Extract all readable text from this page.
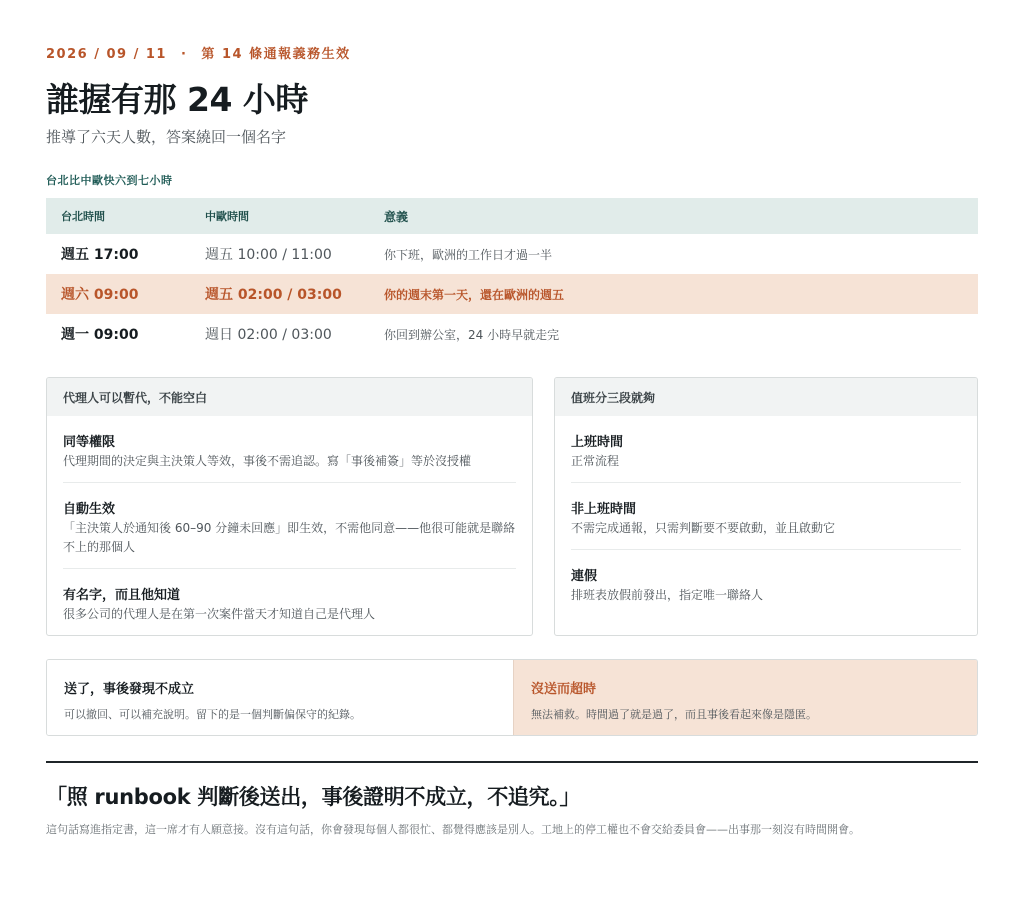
2026 / 09 / 11 · 第 14 條通報義務生效
誰握有那 24 小時
推導了六天人數，答案繞回一個名字
台北比中歐快六到七小時
台北時間	中歐時間	意義
週五 17:00	週五 10:00 / 11:00	你下班，歐洲的工作日才過一半
週六 09:00	週五 02:00 / 03:00	你的週末第一天，還在歐洲的週五
週一 09:00	週日 02:00 / 03:00	你回到辦公室，24 小時早就走完
代理人可以暫代，不能空白
同等權限
代理期間的決定與主決策人等效，事後不需追認。寫「事後補簽」等於沒授權
自動生效
「主決策人於通知後 60–90 分鐘未回應」即生效，不需他同意——他很可能就是聯絡不上的那個人
有名字，而且他知道
很多公司的代理人是在第一次案件當天才知道自己是代理人
值班分三段就夠
上班時間
正常流程
非上班時間
不需完成通報，只需判斷要不要啟動，並且啟動它
連假
排班表放假前發出，指定唯一聯絡人
送了，事後發現不成立
可以撤回、可以補充說明。留下的是一個判斷偏保守的紀錄。
沒送而超時
無法補救。時間過了就是過了，而且事後看起來像是隱匿。
「照 runbook 判斷後送出，事後證明不成立，不追究。」
這句話寫進指定書，這一席才有人願意接。沒有這句話，你會發現每個人都很忙、都覺得應該是別人。工地上的停工權也不會交給委員會——出事那一刻沒有時間開會。
